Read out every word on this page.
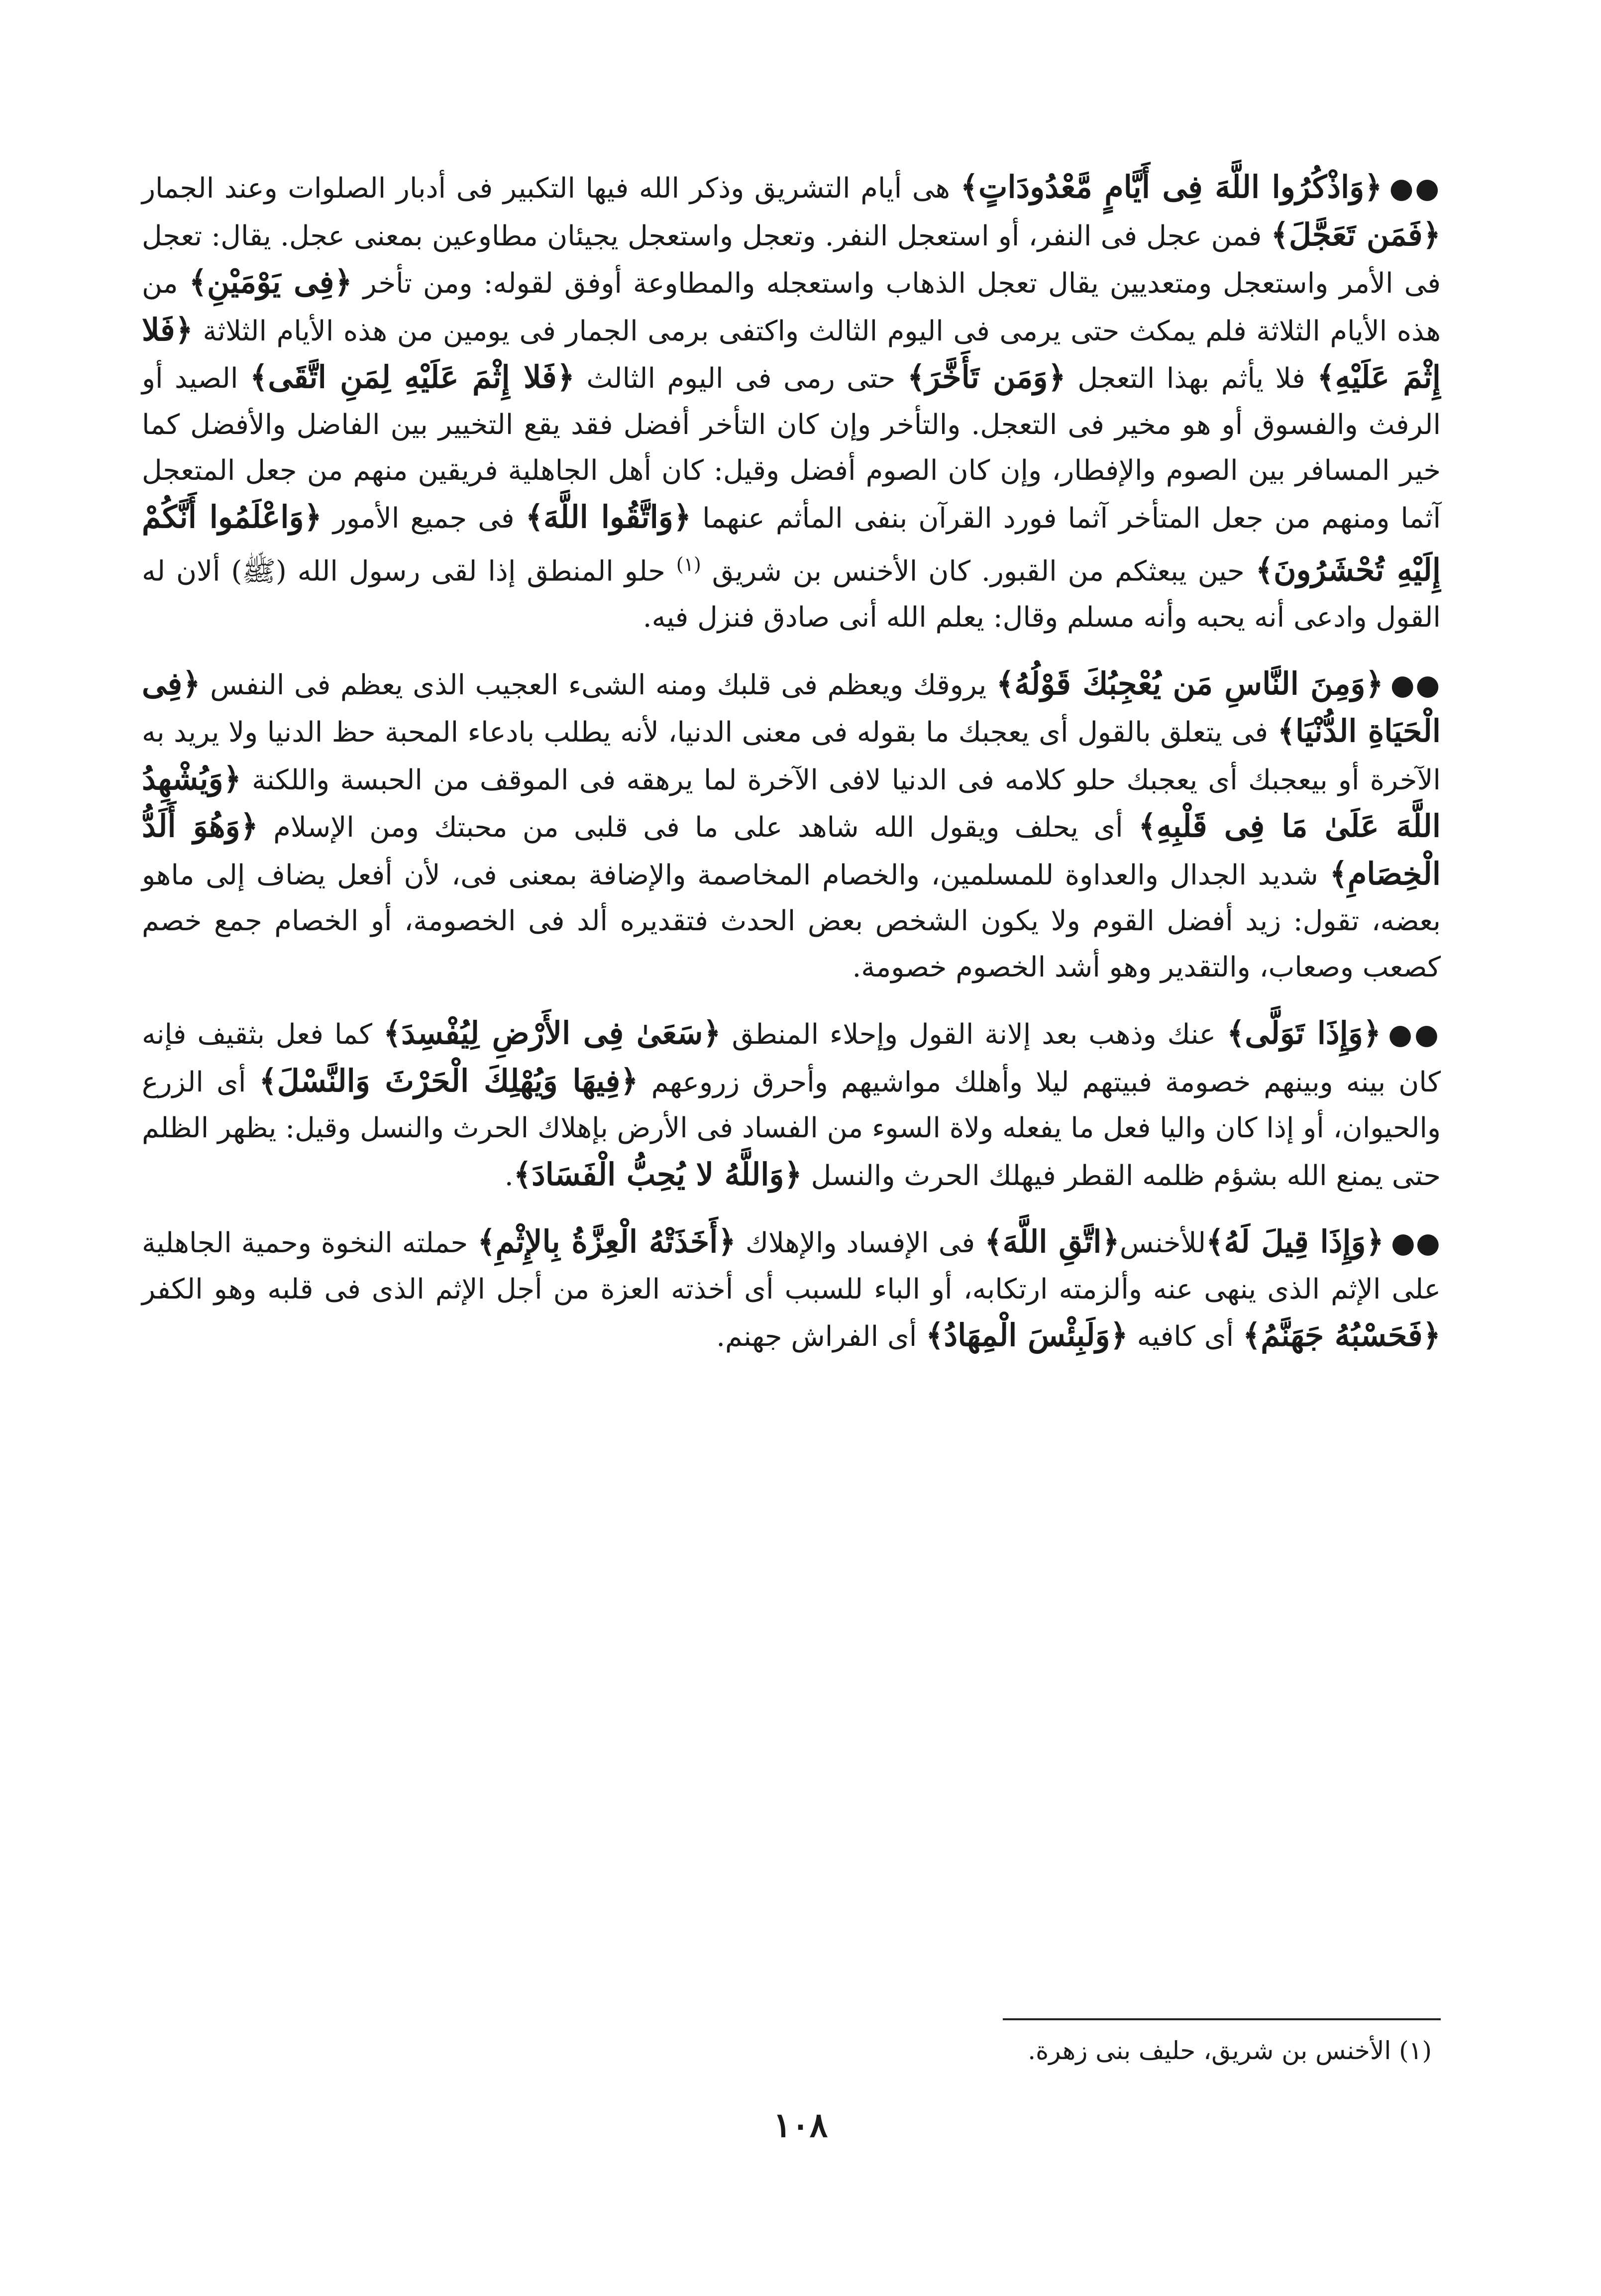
●●﴿وَاذْكُرُوا اللَّهَ فِى أَيَّامٍ مَّعْدُودَاتٍ﴾ هى أيام التشريق وذكر الله فيها التكبير فى أدبار الصلوات وعند الجمار ﴿فَمَن تَعَجَّلَ﴾ فمن عجل فى النفر، أو استعجل النفر. وتعجل واستعجل يجيئان مطاوعين بمعنى عجل. يقال: تعجل فى الأمر واستعجل ومتعديين يقال تعجل الذهاب واستعجله والمطاوعة أوفق لقوله: ومن تأخر ﴿فِى يَوْمَيْنِ﴾ من هذه الأيام الثلاثة فلم يمكث حتى يرمى فى اليوم الثالث واكتفى برمى الجمار فى يومين من هذه الأيام الثلاثة ﴿فَلا إِثْمَ عَلَيْهِ﴾ فلا يأثم بهذا التعجل ﴿وَمَن تَأَخَّرَ﴾ حتى رمى فى اليوم الثالث ﴿فَلا إِثْمَ عَلَيْهِ لِمَنِ اتَّقَى﴾ الصيد أو الرفث والفسوق أو هو مخير فى التعجل. والتأخر وإن كان التأخر أفضل فقد يقع التخيير بين الفاضل والأفضل كما خير المسافر بين الصوم والإفطار، وإن كان الصوم أفضل وقيل: كان أهل الجاهلية فريقين منهم من جعل المتعجل آثما ومنهم من جعل المتأخر آثما فورد القرآن بنفى المأثم عنهما ﴿وَاتَّقُوا اللَّهَ﴾ فى جميع الأمور ﴿وَاعْلَمُوا أَنَّكُمْ إِلَيْهِ تُحْشَرُونَ﴾ حين يبعثكم من القبور. كان الأخنس بن شريق $^{(١)}$ حلو المنطق إذا لقى رسول الله (ﷺ) ألان له القول وادعى أنه يحبه وأنه مسلم وقال: يعلم الله أنى صادق فنزل فيه.

●●﴿وَمِنَ النَّاسِ مَن يُعْجِبُكَ قَوْلُهُ﴾ يروقك ويعظم فى قلبك ومنه الشىء العجيب الذى يعظم فى النفس ﴿فِى الْحَيَاةِ الدُّنْيَا﴾ فى يتعلق بالقول أى يعجبك ما بقوله فى معنى الدنيا، لأنه يطلب بادعاء المحبة حظ الدنيا ولا يريد به الآخرة أو بيعجبك أى يعجبك حلو كلامه فى الدنيا لافى الآخرة لما يرهقه فى الموقف من الحبسة واللكنة ﴿وَيُشْهِدُ اللَّهَ عَلَىٰ مَا فِى قَلْبِهِ﴾ أى يحلف ويقول الله شاهد على ما فى قلبى من محبتك ومن الإسلام ﴿وَهُوَ أَلَدُّ الْخِصَامِ﴾ شديد الجدال والعداوة للمسلمين، والخصام المخاصمة والإضافة بمعنى فى، لأن أفعل يضاف إلى ماهو بعضه، تقول: زيد أفضل القوم ولا يكون الشخص بعض الحدث فتقديره ألد فى الخصومة، أو الخصام جمع خصم كصعب وصعاب، والتقدير وهو أشد الخصوم خصومة.

●●﴿وَإِذَا تَوَلَّى﴾ عنك وذهب بعد إلانة القول وإحلاء المنطق ﴿سَعَىٰ فِى الأَرْضِ لِيُفْسِدَ﴾ كما فعل بثقيف فإنه كان بينه وبينهم خصومة فبيتهم ليلا وأهلك مواشيهم وأحرق زروعهم ﴿فِيهَا وَيُهْلِكَ الْحَرْثَ وَالنَّسْلَ﴾ أى الزرع والحيوان، أو إذا كان واليا فعل ما يفعله ولاة السوء من الفساد فى الأرض بإهلاك الحرث والنسل وقيل: يظهر الظلم حتى يمنع الله بشؤم ظلمه القطر فيهلك الحرث والنسل ﴿وَاللَّهُ لا يُحِبُّ الْفَسَادَ﴾.

●●﴿وَإِذَا قِيلَ لَهُ﴾للأخنس﴿اتَّقِ اللَّهَ﴾ فى الإفساد والإهلاك ﴿أَخَذَتْهُ الْعِزَّةُ بِالإِثْمِ﴾ حملته النخوة وحمية الجاهلية على الإثم الذى ينهى عنه وألزمته ارتكابه، أو الباء للسبب أى أخذته العزة من أجل الإثم الذى فى قلبه وهو الكفر ﴿فَحَسْبُهُ جَهَنَّمُ﴾ أى كافيه ﴿وَلَبِئْسَ الْمِهَادُ﴾ أى الفراش جهنم.

(١) الأخنس بن شريق، حليف بنى زهرة.
١٠٨
